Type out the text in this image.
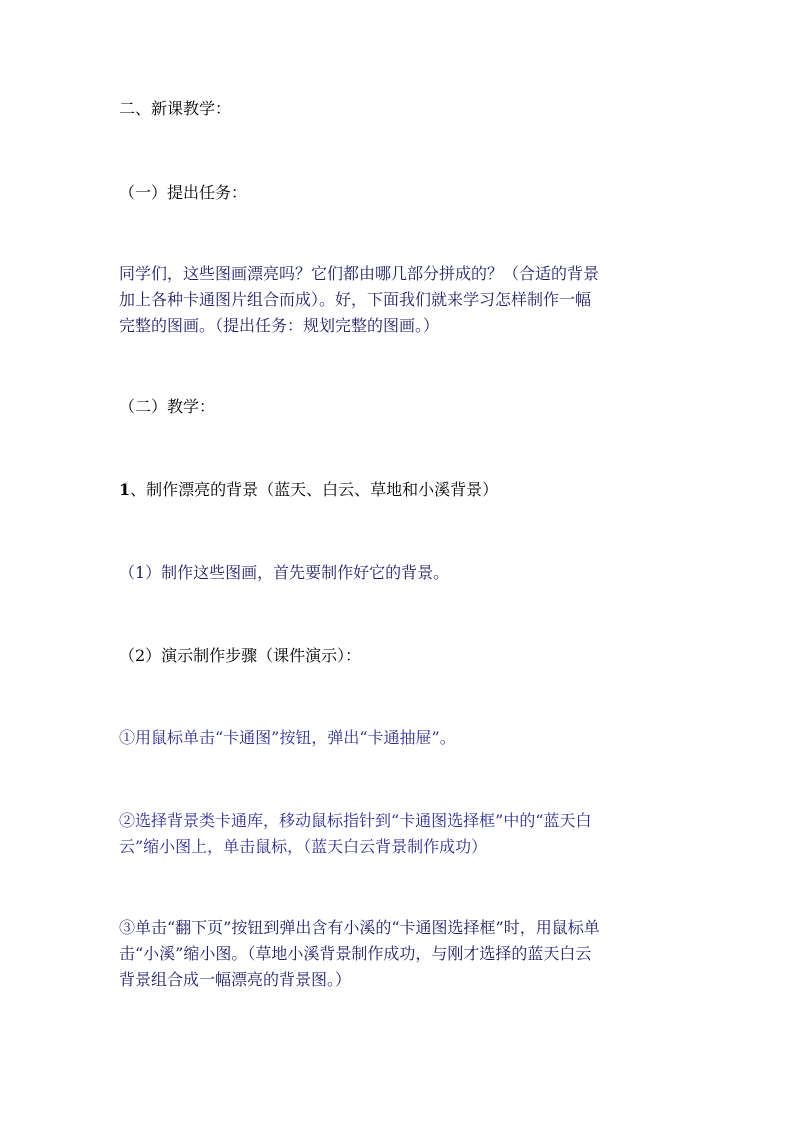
二、新课教学：
（一）提出任务：
同学们，这些图画漂亮吗？它们都由哪几部分拼成的？（合适的背景
加上各种卡通图片组合而成）。好，下面我们就来学习怎样制作一幅
完整的图画。（提出任务：规划完整的图画。）
（二）教学：
1、制作漂亮的背景（蓝天、白云、草地和小溪背景）
（1）制作这些图画，首先要制作好它的背景。
（2）演示制作步骤（课件演示）：
①用鼠标单击“卡通图”按钮，弹出“卡通抽屉”。
②选择背景类卡通库，移动鼠标指针到“卡通图选择框”中的“蓝天白
云”缩小图上，单击鼠标，（蓝天白云背景制作成功）
③单击“翻下页”按钮到弹出含有小溪的“卡通图选择框”时，用鼠标单
击“小溪”缩小图。（草地小溪背景制作成功，与刚才选择的蓝天白云
背景组合成一幅漂亮的背景图。）
